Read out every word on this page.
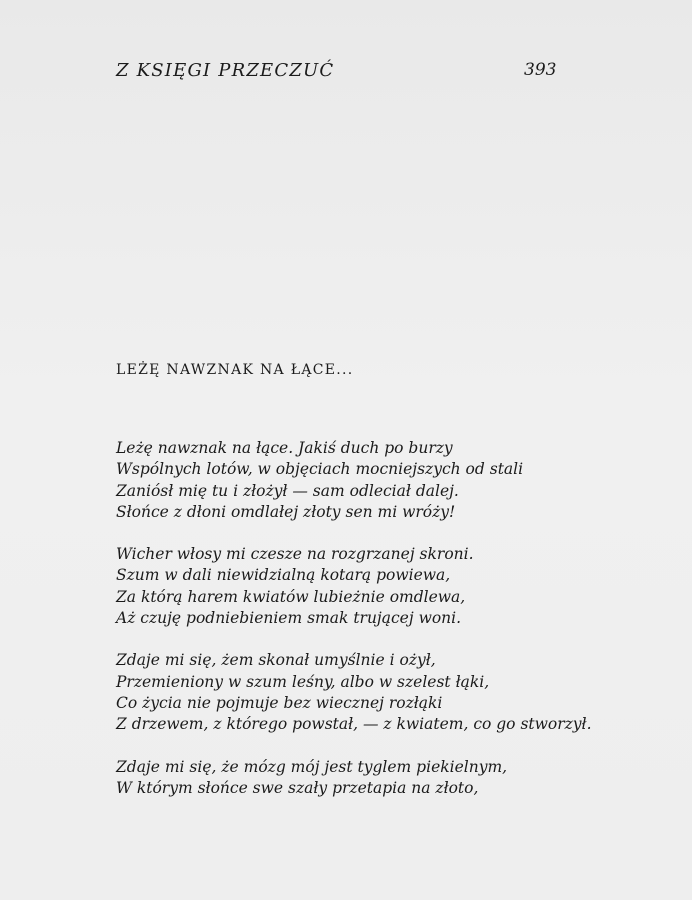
Z KSIĘGI PRZECZUĆ	393
LEŻĘ NAWZNAK NA ŁĄCE...
Leżę nawznak na łące. Jakiś duch po burzy
Wspólnych lotów, w objęciach mocniejszych od stali
Zaniósł mię tu i złożył — sam odleciał dalej.
Słońce z dłoni omdlałej złoty sen mi wróży!
Wicher włosy mi czesze na rozgrzanej skroni.
Szum w dali niewidzialną kotarą powiewa,
Za którą harem kwiatów lubieżnie omdlewa,
Aż czuję podniebieniem smak trującej woni.
Zdaje mi się, żem skonał umyślnie i ożył,
Przemieniony w szum leśny, albo w szelest łąki,
Co życia nie pojmuje bez wiecznej rozłąki
Z drzewem, z którego powstał, — z kwiatem, co go stworzył.
Zdaje mi się, że mózg mój jest tyglem piekielnym,
W którym słońce swe szały przetapia na złoto,
